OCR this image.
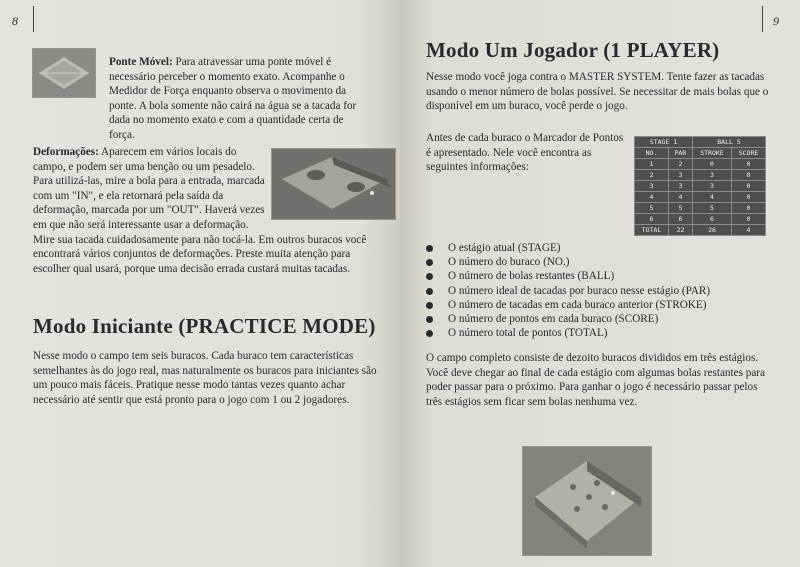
8

Ponte Móvel: Para atravessar uma ponte móvel é necessário perceber o momento exato. Acompanhe o Medidor de Força enquanto observa o movimento da ponte. A bola somente não cairá na água se a tacada for dada no momento exato e com a quantidade certa de força.

Deformações: Aparecem em vários locais do campo, e podem ser uma benção ou um pesadelo. Para utilizá-las, mire a bola para a entrada, marcada com um "IN", e ela retornará pela saída da deformação, marcada por um "OUT". Haverá vezes em que não será interessante usar a deformação. Mire sua tacada cuidadosamente para não tocá-la. Em outros buracos você encontrará vários conjuntos de deformações. Preste muita atenção para escolher qual usará, porque uma decisão errada custará muitas tacadas.

Modo Iniciante (PRACTICE MODE)
Nesse modo o campo tem seis buracos. Cada buraco tem características semelhantes às do jogo real, mas naturalmente os buracos para iniciantes são um pouco mais fáceis. Pratique nesse modo tantas vezes quanto achar necessário até sentir que está pronto para o jogo com 1 ou 2 jogadores.
9
Modo Um Jogador (1 PLAYER)
Nesse modo você joga contra o MASTER SYSTEM. Tente fazer as tacadas usando o menor número de bolas possível. Se necessitar de mais bolas que o disponível em um buraco, você perde o jogo.
Antes de cada buraco o Marcador de Pontos é apresentado. Nele você encontra as seguintes informações:
STAGE 1		BALL 5	
NO.	PAR	STROKE	SCORE
1	2	0	0
2	3	3	0
3	3	3	0
4	4	4	0
5	5	5	0
6	6	6	0
TOTAL	22	26	4
O estágio atual (STAGE)
O número do buraco (NO.)
O número de bolas restantes (BALL)
O número ideal de tacadas por buraco nesse estágio (PAR)
O número de tacadas em cada buraco anterior (STROKE)
O número de pontos em cada buraco (SCORE)
O número total de pontos (TOTAL)
O campo completo consiste de dezoito buracos divididos em três estágios. Você deve chegar ao final de cada estágio com algumas bolas restantes para poder passar para o próximo. Para ganhar o jogo é necessário passar pelos três estágios sem ficar sem bolas nenhuma vez.
